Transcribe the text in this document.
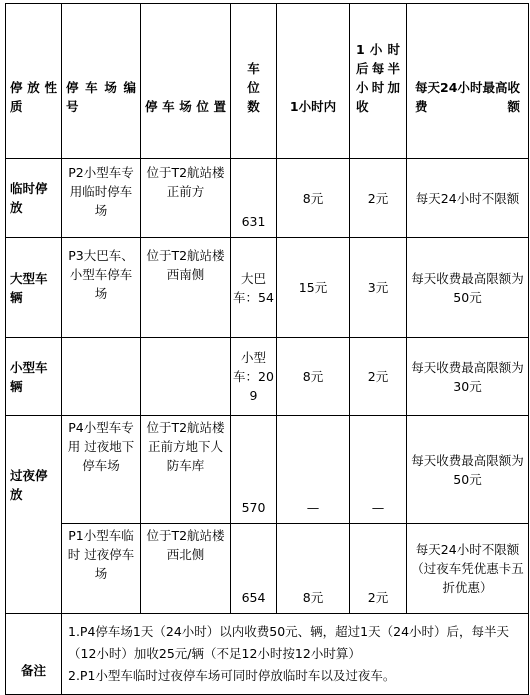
停 放 性 质	停 车 场 编 号	停 车 场 位 置	车 位 数	1小时内	1小时后每半小时加收	每天24小时最高收费额
临时停放	P2小型车专用临时停车场	位于T2航站楼正前方	631	8元	2元	每天24小时不限额
大型车辆	P3大巴车、小型车停车场	位于T2航站楼西南侧	大巴车：54	15元	3元	每天收费最高限额为50元
小型车辆			小型车：209	8元	2元	每天收费最高限额为30元
过夜停放	P4小型车专用 过夜地下停车场	位于T2航站楼正前方地下人防车库	570	—	—	每天收费最高限额为50元
	P1小型车临时 过夜停车场	位于T2航站楼西北侧	654	8元	2元	每天24小时不限额（过夜车凭优惠卡五折优惠）
备注	1.P4停车场1天（24小时）以内收费50元、辆，超过1天（24小时）后，每半天（12小时）加收25元/辆（不足12小时按12小时算）
2.P1小型车临时过夜停车场可同时停放临时车以及过夜车。					
